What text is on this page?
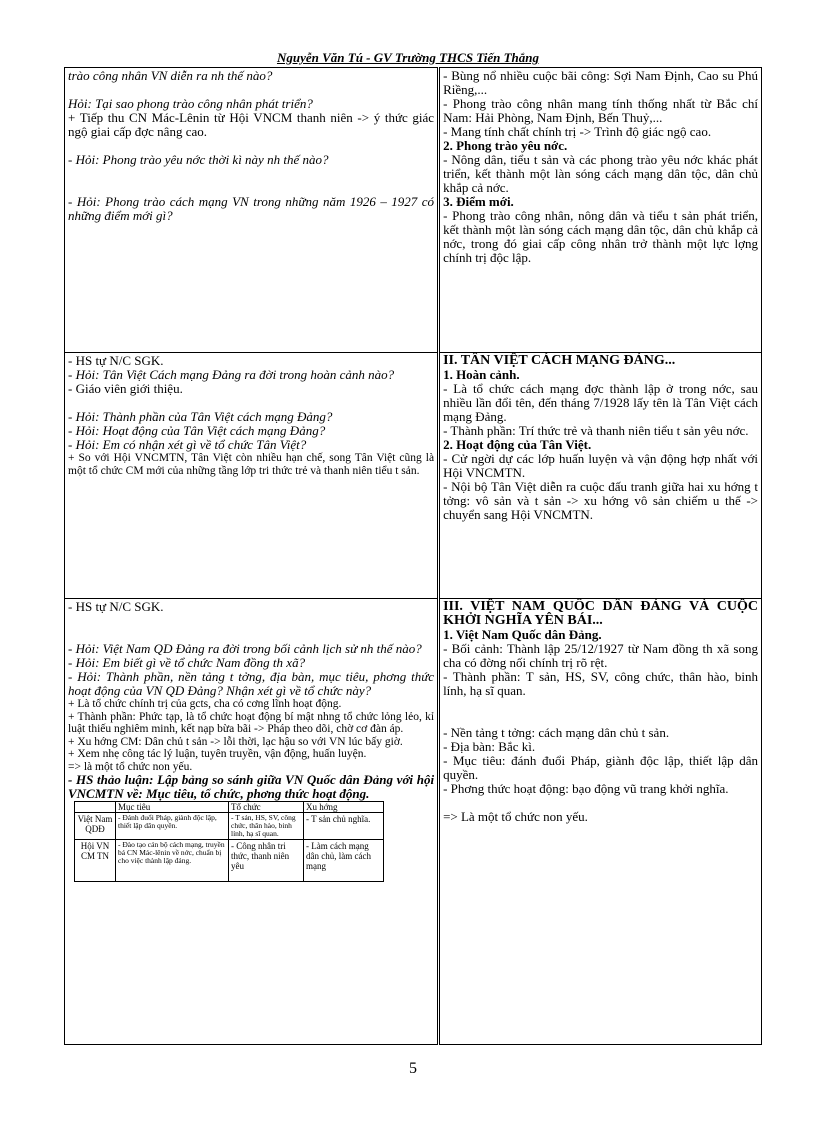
Nguyễn Văn Tú - GV Trường THCS Tiến Thắng

trào công nhân VN diễn ra nh thế nào?

Hỏi: Tại sao phong trào công nhân phát triển?

+ Tiếp thu CN Mác-Lênin từ Hội VNCM thanh niên -> ý thức giác ngộ giai cấp đợc nâng cao.

- Hỏi: Phong trào yêu nớc thời kì này nh thế nào?

- Hỏi: Phong trào cách mạng VN trong những năm 1926 – 1927 có những điểm mới gì?

- Bùng nổ nhiều cuộc bãi công: Sợi Nam Định, Cao su Phú Riềng,...

- Phong trào công nhân mang tính thống nhất từ Bắc chí Nam: Hải Phòng, Nam Định, Bến Thuỷ,...

- Mang tính chất chính trị -> Trình độ giác ngộ cao.

2. Phong trào yêu nớc.

- Nông dân, tiểu t sản và các phong trào yêu nớc khác phát triển, kết thành một làn sóng cách mạng dân tộc, dân chủ khắp cả nớc.

3. Điểm mới.

- Phong trào công nhân, nông dân và tiểu t sản phát triển, kết thành một làn sóng cách mạng dân tộc, dân chủ khắp cả nớc, trong đó giai cấp công nhân trở thành một lực lợng chính trị độc lập.

- HS tự N/C SGK.

- Hỏi: Tân Việt Cách mạng Đảng ra đời trong hoàn cảnh nào?

- Giáo viên giới thiệu.

- Hỏi: Thành phần của Tân Việt cách mạng Đảng?

- Hỏi: Hoạt động của Tân Việt cách mạng Đảng?

- Hỏi: Em có nhận xét gì về tổ chức Tân Việt?

+ So với Hội VNCMTN, Tân Việt còn nhiều hạn chế, song Tân Việt cũng là một tổ chức CM mới của những tầng lớp tri thức trẻ và thanh niên tiểu t sản.

II. TÂN VIỆT CÁCH MẠNG ĐẢNG...

1. Hoàn cảnh.

- Là tổ chức cách mạng đợc thành lập ở trong nớc, sau nhiều lần đổi tên, đến tháng 7/1928 lấy tên là Tân Việt cách mạng Đảng.

- Thành phần: Trí thức trẻ và thanh niên tiểu t sản yêu nớc.

2. Hoạt động của Tân Việt.

- Cử ngời dự các lớp huấn luyện và vận động hợp nhất với Hội VNCMTN.

- Nội bộ Tân Việt diễn ra cuộc đấu tranh giữa hai xu hớng t tởng: vô sản và t sản -> xu hớng vô sản chiếm u thế -> chuyển sang Hội VNCMTN.

- HS tự N/C SGK.

- Hỏi: Việt Nam QD Đảng ra đời trong bối cảnh lịch sử nh thế nào?

- Hỏi: Em biết gì về tổ chức Nam đồng th xã?

- Hỏi: Thành phần, nền tảng t tởng, địa bàn, mục tiêu, phơng thức hoạt động của VN QD Đảng? Nhận xét gì về tổ chức này?

+ Là tổ chức chính trị của gcts, cha có cơng lĩnh hoạt động.

+ Thành phần: Phức tạp, là tổ chức hoạt động bí mật nhng tổ chức lỏng lẻo, kỉ luật thiếu nghiêm minh, kết nạp bừa bãi -> Pháp theo dõi, chờ cơ đàn áp.

+ Xu hớng CM: Dân chủ t sản -> lỗi thời, lạc hậu so với VN lúc bấy giờ.

+ Xem nhẹ công tác lý luận, tuyên truyền, vận động, huấn luyện.

=> là một tổ chức non yếu.

- HS thảo luận: Lập bảng so sánh giữa VN Quốc dân Đảng với hội VNCMTN về: Mục tiêu, tổ chức, phơng thức hoạt động.

	Mục tiêu	Tổ chức	Xu hớng
Việt Nam QDĐ	- Đánh đuổi Pháp, giành độc lập, thiết lập dân quyền.	- T sản, HS, SV, công chức, thân hào, binh lính, hạ sĩ quan.	- T sản chủ nghĩa.
Hội VN CM TN	- Đào tạo cán bộ cách mạng, truyền bá CN Mác-lênin về nớc, chuẩn bị cho việc thành lập đảng.	- Công nhân tri thức, thanh niên yêu	- Làm cách mạng dân chủ, làm cách mạng

III. VIỆT NAM QUỐC DÂN ĐẢNG VÀ CUỘC KHỞI NGHĨA YÊN BÁI...

1. Việt Nam Quốc dân Đảng.

- Bối cảnh: Thành lập 25/12/1927 từ Nam đồng th xã song cha có đờng nối chính trị rõ rệt.

- Thành phần: T sản, HS, SV, công chức, thân hào, binh lính, hạ sĩ quan.

- Nền tảng t tởng: cách mạng dân chủ t sản.

- Địa bàn: Bắc kì.

- Mục tiêu: đánh đuổi Pháp, giành độc lập, thiết lập dân quyền.

- Phơng thức hoạt động: bạo động vũ trang khởi nghĩa.

=> Là một tổ chức non yếu.

5
